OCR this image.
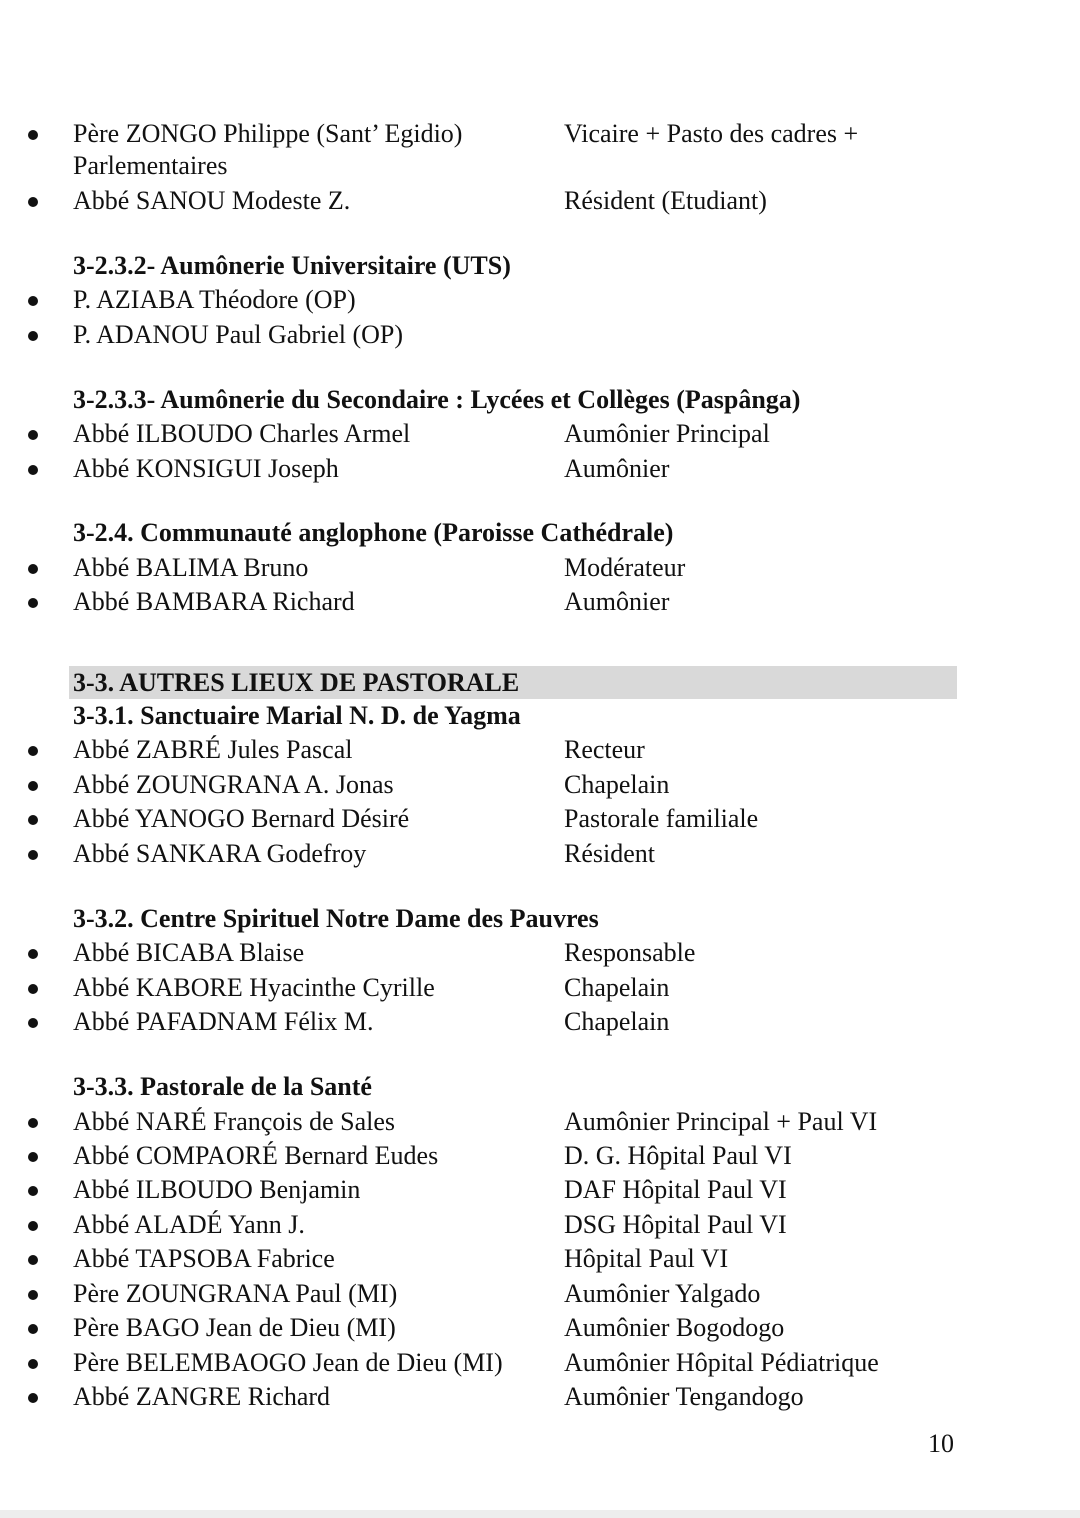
Père ZONGO Philippe (Sant’ Egidio)	Vicaire + Pasto des cadres +
Parlementaires
Abbé SANOU Modeste Z.	Résident (Etudiant)
3-2.3.2- Aumônerie Universitaire (UTS)
P. AZIABA Théodore (OP)
P. ADANOU Paul Gabriel (OP)
3-2.3.3- Aumônerie du Secondaire : Lycées et Collèges (Paspânga)
Abbé ILBOUDO Charles Armel	Aumônier Principal
Abbé KONSIGUI Joseph	Aumônier
3-2.4. Communauté anglophone (Paroisse Cathédrale)
Abbé BALIMA Bruno	Modérateur
Abbé BAMBARA Richard	Aumônier
3-3. AUTRES LIEUX DE PASTORALE
3-3.1. Sanctuaire Marial N. D. de Yagma
Abbé ZABRÉ Jules Pascal	Recteur
Abbé ZOUNGRANA A. Jonas	Chapelain
Abbé YANOGO Bernard Désiré	Pastorale familiale
Abbé SANKARA Godefroy	Résident
3-3.2. Centre Spirituel Notre Dame des Pauvres
Abbé BICABA Blaise	Responsable
Abbé KABORE Hyacinthe Cyrille	Chapelain
Abbé PAFADNAM Félix M.	Chapelain
3-3.3. Pastorale de la Santé
Abbé NARÉ François de Sales	Aumônier Principal + Paul VI
Abbé COMPAORÉ Bernard Eudes	D. G. Hôpital Paul VI
Abbé ILBOUDO Benjamin	DAF Hôpital Paul VI
Abbé ALADÉ Yann J.	DSG Hôpital Paul VI
Abbé TAPSOBA Fabrice	Hôpital Paul VI
Père ZOUNGRANA Paul (MI)	Aumônier Yalgado
Père BAGO Jean de Dieu (MI)	Aumônier Bogodogo
Père BELEMBAOGO Jean de Dieu (MI) Aumônier Hôpital Pédiatrique
Abbé ZANGRE Richard	Aumônier Tengandogo
10
